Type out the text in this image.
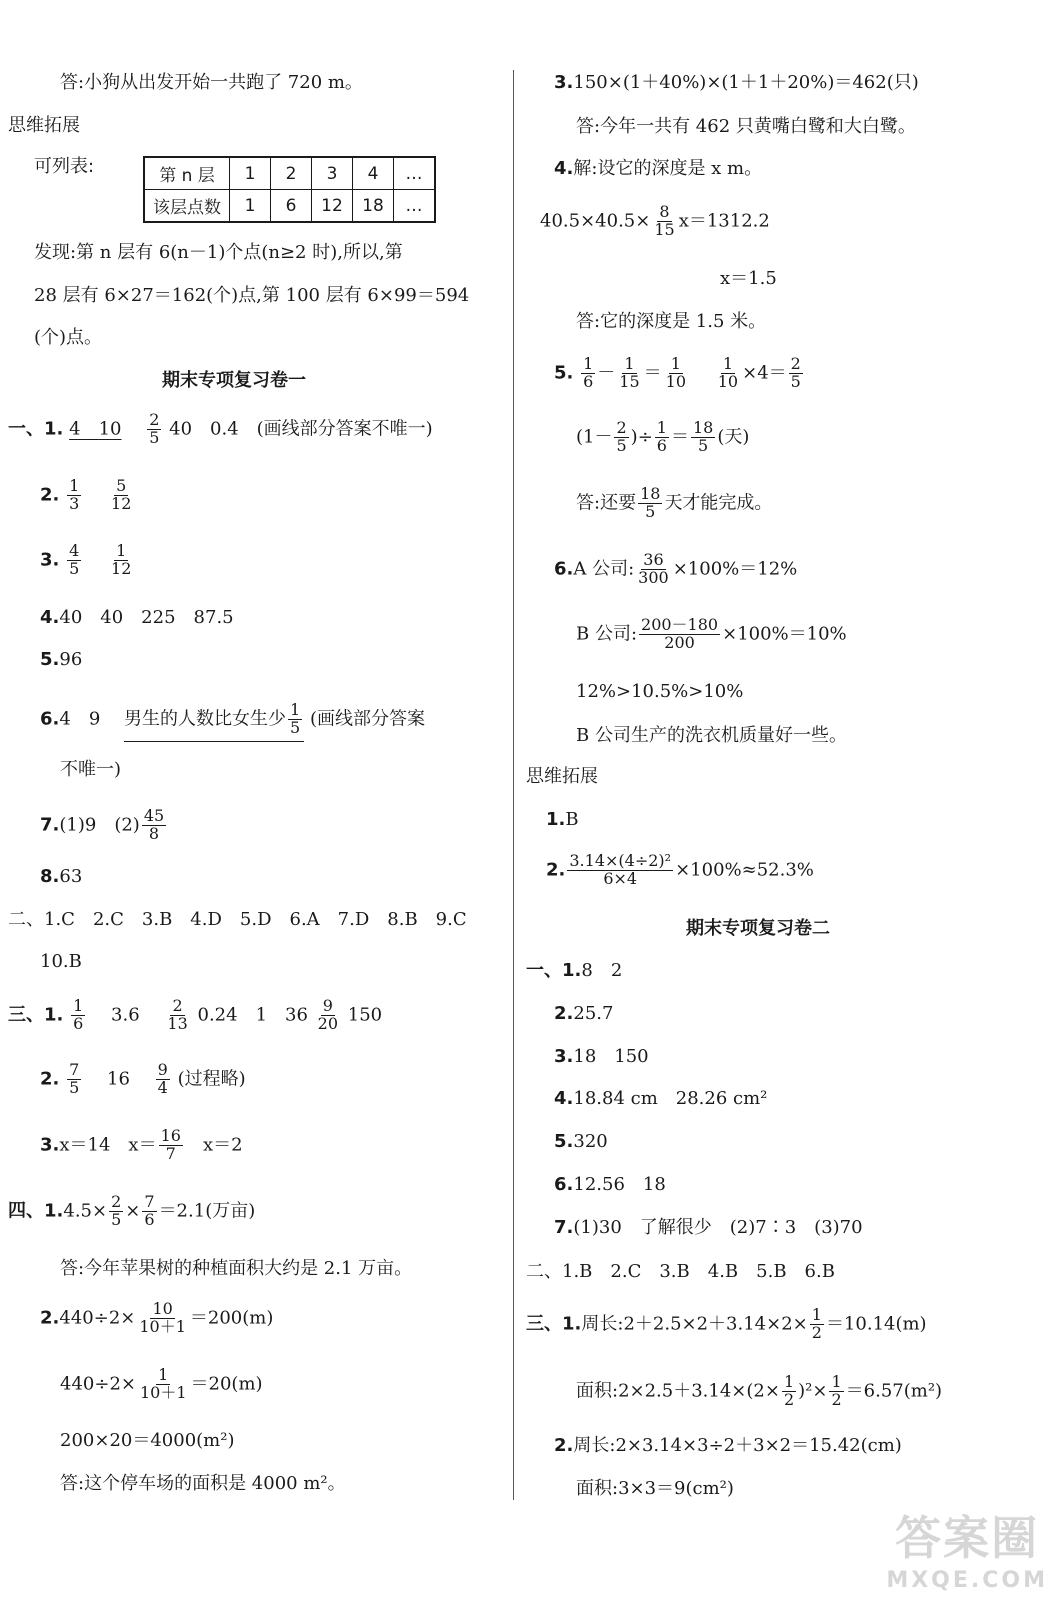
答:小狗从出发开始一共跑了 720 m。
思维拓展
可列表:	第 n 层	1	2	3	4	…
该层点数	1	6	12	18	…
发现:第 n 层有 6(n－1)个点(n≥2 时),所以,第
28 层有 6×27＝162(个)点,第 100 层有 6×99＝594
(个)点。
期末专项复习卷一
一、1. 4　 10　 $\frac{2}{5} 40$　0.4　(画线部分答案不唯一)
2. $\frac{1}{3}$
　 $\frac{5}{12}$
3. $\frac{4}{5}$
　 $\frac{1}{12}$
4.40　40　225　87.5
5.96
6.4　9　 男生的人数比女生少 $\frac{1}{5}$ (画线部分答案
不唯一)
7.(1)9　$(2) \frac{45}{8}$
8.63
二、1.C　2.C　3.B　4.D　5.D　6.A　7.D　8.B　9.C
10.B
三、1. $\frac{1}{6}$
　 3.6　 $\frac{2}{13} 0.24$　1　$36 \frac{9}{20} 150$
2. $\frac{7}{5}$
　 16　 $\frac{9}{4}$ (过程略)
3.x＝14　$x= \frac{16}{7}$
　 x＝2
四、$1.4.5\times \frac{2}{5} \times \frac{7}{6} =2.1$(万亩)
答:今年苹果树的种植面积大约是 2.1 万亩。
$2.440\div 2\times \frac{10}{10+1} =200(m)$
$440\div 2\times \frac{1}{10+1} =20(m)$
200×20＝4000(m²)
答:这个停车场的面积是 4000 m²。
3.150×(1＋40%)×(1＋1＋20%)＝462(只)
答:今年一共有 462 只黄嘴白鹭和大白鹭。
4.解:设它的深度是 x m。
$40.5\times 40.5\times \frac{8}{15} x=1312.2$
x＝1.5
答:它的深度是 1.5 米。
5. $\frac{1}{6} - \frac{1}{15} = \frac{1}{10}$
　 $\frac{1}{10} \times 4= \frac{2}{5}$
($1- \frac{2}{5}$ )÷ $\frac{1}{6} = \frac{18}{5}$ (天)
答:还要 $\frac{18}{5}$ 天才能完成。
6.A 公司: $\frac{36}{300} \times 100\%=12\%$
B 公司: $\frac{200-180}{200} \times 100\%=10\%$
12%>10.5%>10%
B 公司生产的洗衣机质量好一些。
思维拓展
1.B
2. $\frac{\text{3.14×(4÷2)²}}{6\times 4} \times 100\%\approx 52.3\%$
期末专项复习卷二
一、1.8　2
2.25.7
3.18　150
4.18.84 cm　28.26 cm²
5.320
6.12.56　18
7.(1)30　了解很少　(2)7∶3　(3)70
二、1.B　2.C　3.B　4.B　5.B　6.B
三、1.周长:2＋2.5×2＋3.14×2× $\frac{1}{2} =10.14(m)$
面积:2×2.5＋3.14×(2× $\frac{1}{2} )^2\times \frac{1}{2} =6.57(m^2)$
2.周长:2×3.14×3÷2＋3×2＝15.42(cm)
面积:3×3＝9(cm²)
答案圈
MXQE.COM
